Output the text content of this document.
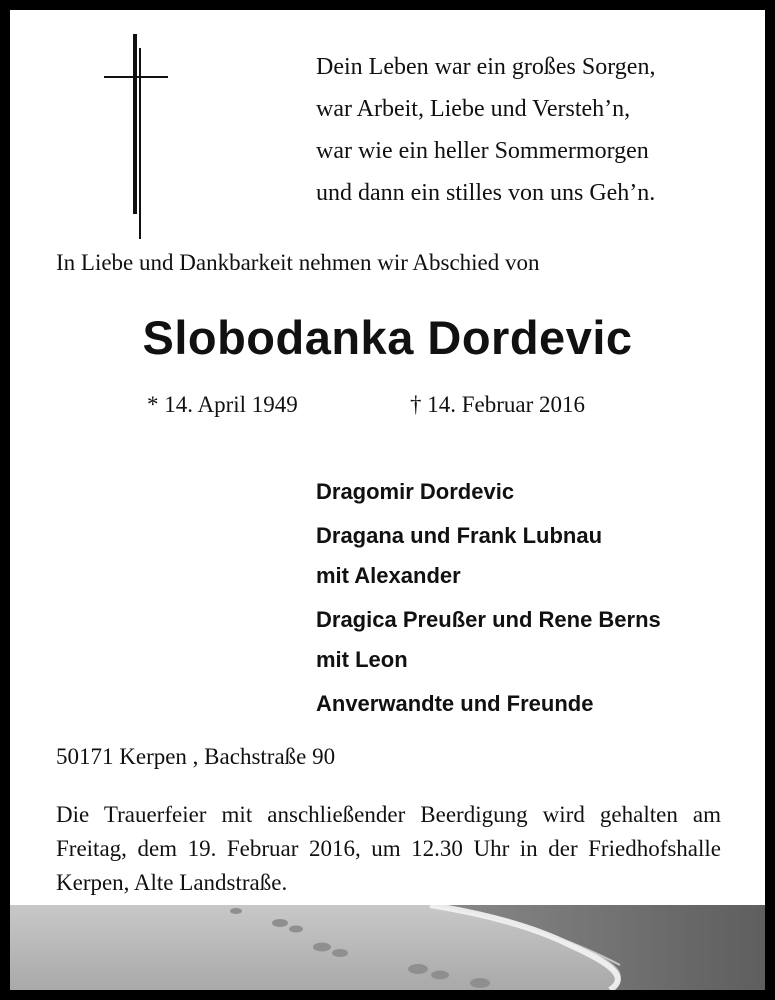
Dein Leben war ein großes Sorgen,
war Arbeit, Liebe und Versteh’n,
war wie ein heller Sommermorgen
und dann ein stilles von uns Geh’n.
In Liebe und Dankbarkeit nehmen wir Abschied von
Slobodanka Dordevic
* 14. April 1949	† 14. Februar 2016
Dragomir Dordevic
Dragana und Frank Lubnau
mit Alexander
Dragica Preußer und Rene Berns
mit Leon
Anverwandte und Freunde
50171 Kerpen , Bachstraße 90
Die Trauerfeier mit anschließender Beerdigung wird gehalten am Freitag, dem 19. Februar 2016, um 12.30 Uhr in der Friedhofshalle Kerpen, Alte Landstraße.
